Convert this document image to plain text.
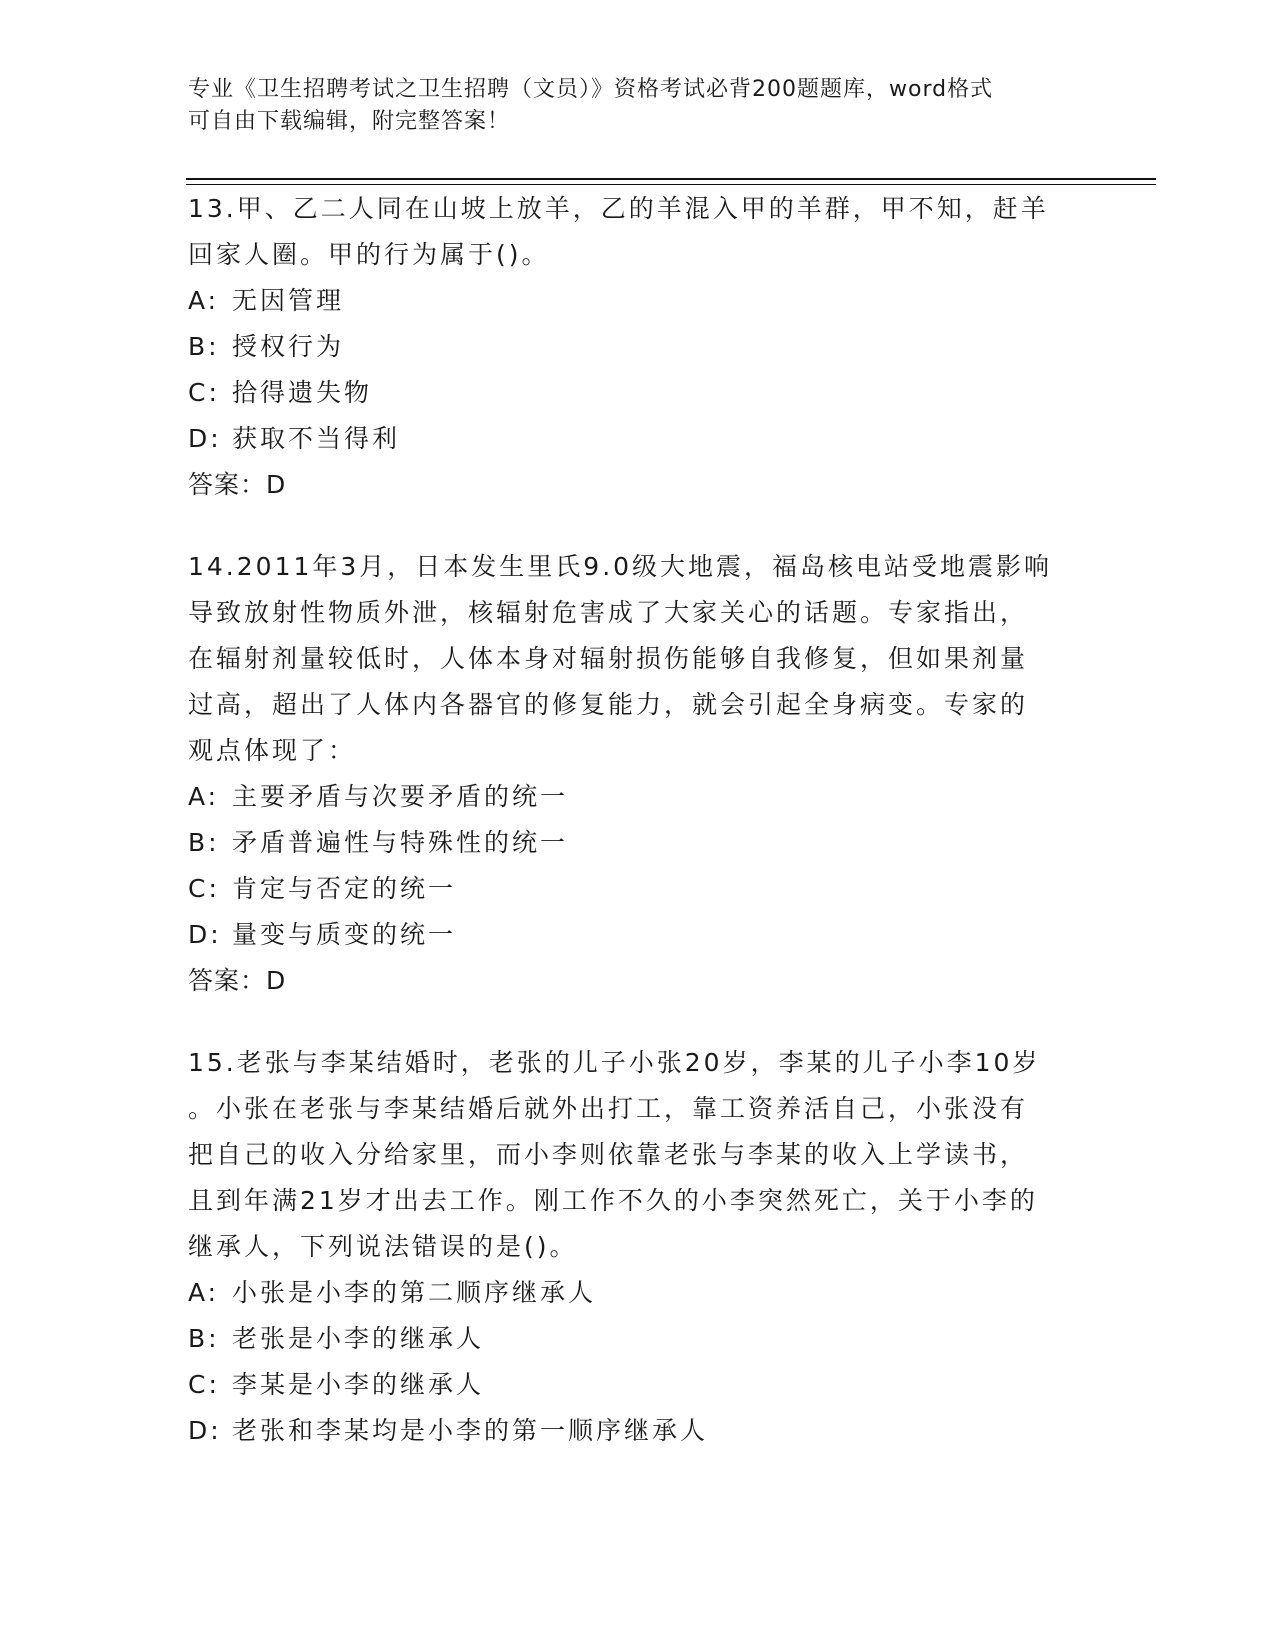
专业《卫生招聘考试之卫生招聘（文员）》资格考试必背200题题库，word格式
可自由下载编辑，附完整答案！

13.甲、乙二人同在山坡上放羊，乙的羊混入甲的羊群，甲不知，赶羊

回家人圈。甲的行为属于()。

A: 无因管理

B: 授权行为

C: 拾得遗失物

D: 获取不当得利

答案：D

14.2011年3月，日本发生里氏9.0级大地震，福岛核电站受地震影响

导致放射性物质外泄，核辐射危害成了大家关心的话题。专家指出，

在辐射剂量较低时，人体本身对辐射损伤能够自我修复，但如果剂量

过高，超出了人体内各器官的修复能力，就会引起全身病变。专家的

观点体现了：

A: 主要矛盾与次要矛盾的统一

B: 矛盾普遍性与特殊性的统一

C: 肯定与否定的统一

D: 量变与质变的统一

答案：D

15.老张与李某结婚时，老张的儿子小张20岁，李某的儿子小李10岁

。小张在老张与李某结婚后就外出打工，靠工资养活自己，小张没有

把自己的收入分给家里，而小李则依靠老张与李某的收入上学读书，

且到年满21岁才出去工作。刚工作不久的小李突然死亡，关于小李的

继承人，下列说法错误的是()。

A: 小张是小李的第二顺序继承人

B: 老张是小李的继承人

C: 李某是小李的继承人

D: 老张和李某均是小李的第一顺序继承人
